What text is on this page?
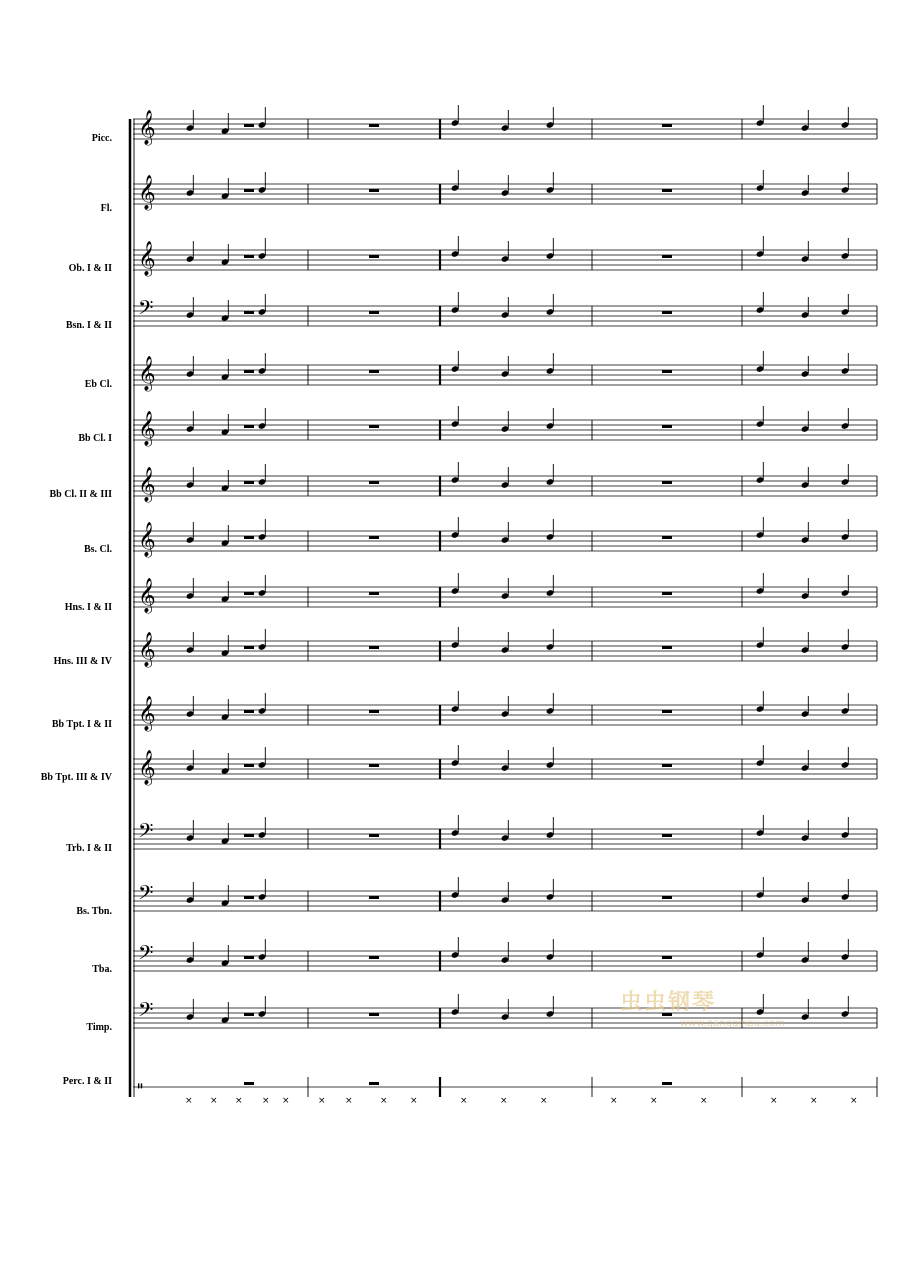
Picc.
Fl.
Ob. I & II
Bsn. I & II
Eb Cl.
Bb Cl. I
Bb Cl. II & III
Bs. Cl.
Hns. I & II
Hns. III & IV
Bb Tpt. I & II
Bb Tpt. III & IV
Trb. I & II
Bs. Tbn.
Tba.
Timp.
Perc. I & II
𝄞
𝄞
𝄞
𝄢
𝄞
𝄞
𝄞
𝄞
𝄞
𝄞
𝄞
𝄞
𝄢
𝄢
𝄢
𝄢
𝄥
× × × × ×	× ×	× ×	×	×	×	×	×	×	×	×	×
虫虫钢琴
www.gangqinpu.com
